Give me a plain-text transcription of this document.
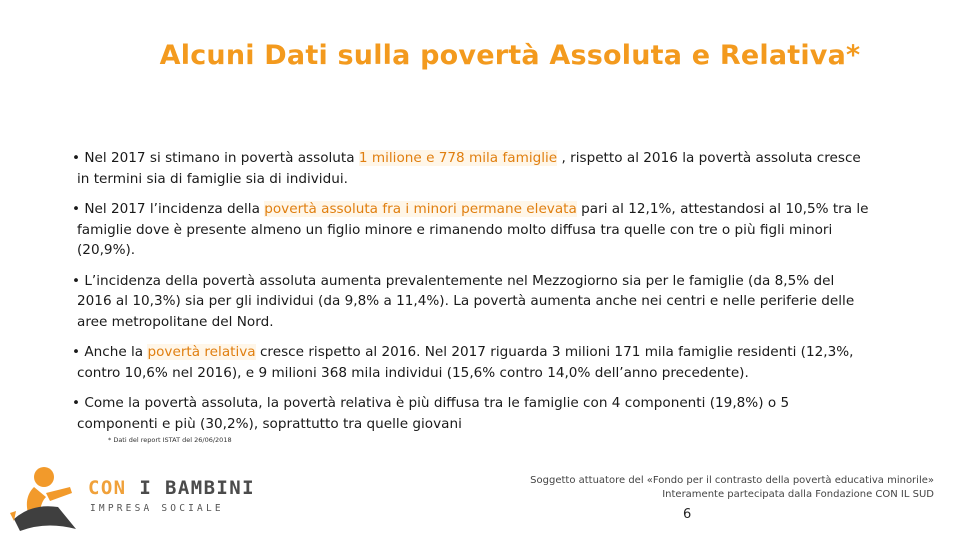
Alcuni Dati sulla povertà Assoluta e Relativa*

• Nel 2017 si stimano in povertà assoluta 1 milione e 778 mila famiglie , rispetto al 2016 la povertà assoluta cresce in termini sia di famiglie sia di individui.

• Nel 2017 l’incidenza della povertà assoluta fra i minori permane elevata pari al 12,1%, attestandosi al 10,5% tra le famiglie dove è presente almeno un figlio minore e rimanendo molto diffusa tra quelle con tre o più figli minori (20,9%).

• L’incidenza della povertà assoluta aumenta prevalentemente nel Mezzogiorno sia per le famiglie (da 8,5% del 2016 al 10,3%) sia per gli individui (da 9,8% a 11,4%). La povertà aumenta anche nei centri e nelle periferie delle aree metropolitane del Nord.

• Anche la povertà relativa cresce rispetto al 2016. Nel 2017 riguarda 3 milioni 171 mila famiglie residenti (12,3%, contro 10,6% nel 2016), e 9 milioni 368 mila individui (15,6% contro 14,0% dell’anno precedente).

• Come la povertà assoluta, la povertà relativa è più diffusa tra le famiglie con 4 componenti (19,8%) o 5 componenti e più (30,2%), soprattutto tra quelle giovani

* Dati del report ISTAT del 26/06/2018
CON I BAMBINI
IMPRESA SOCIALE
Soggetto attuatore del «Fondo per il contrasto della povertà educativa minorile»
Interamente partecipata dalla Fondazione CON IL SUD
6
